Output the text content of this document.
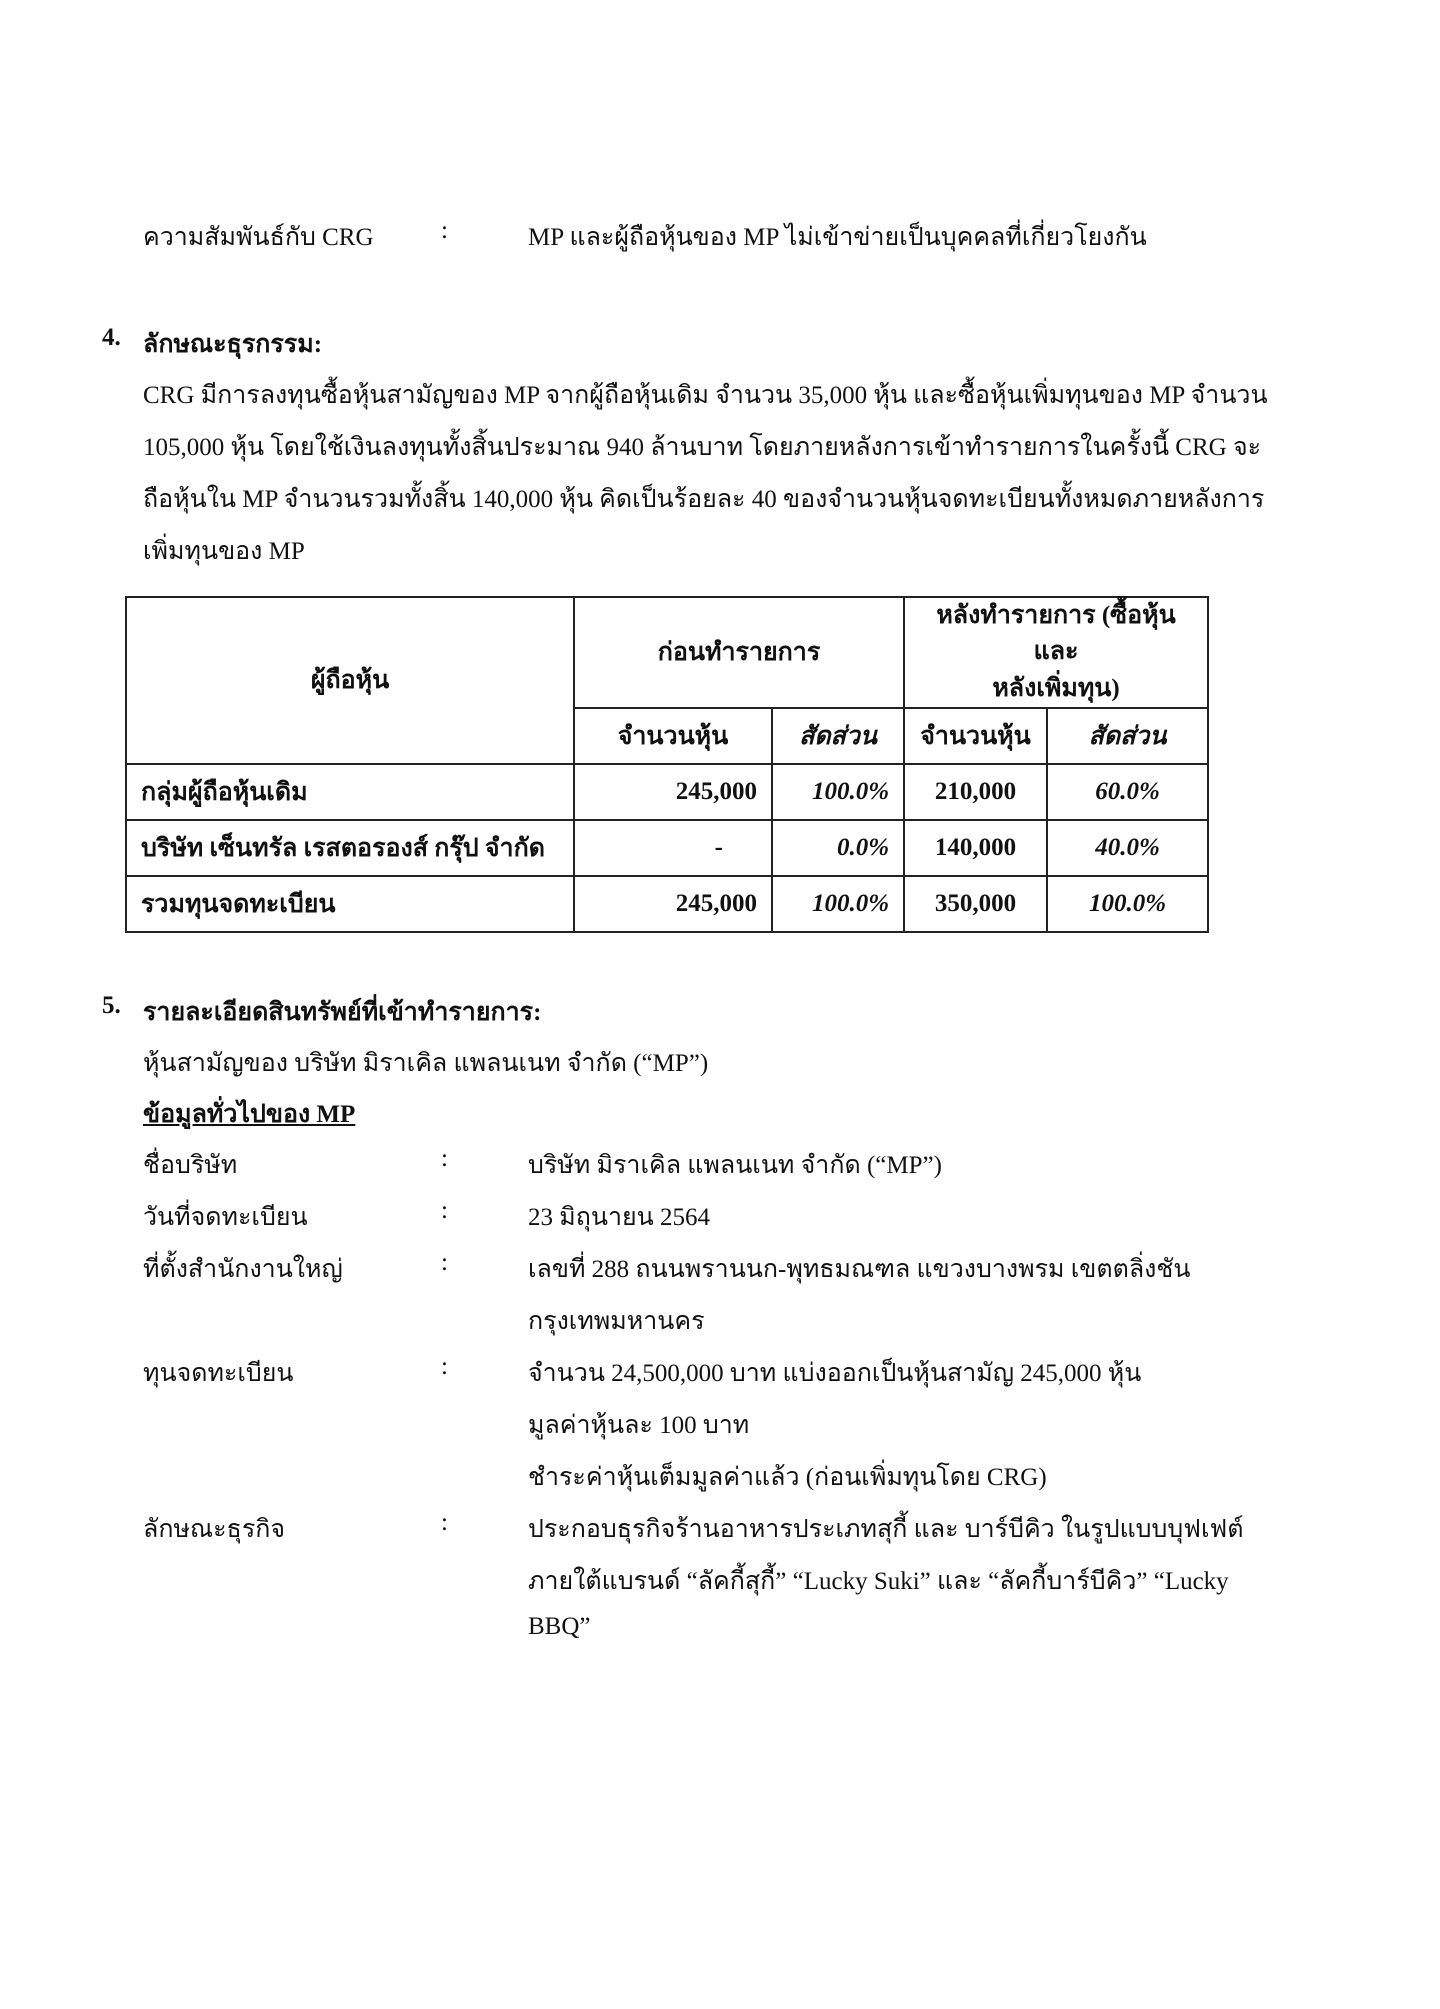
ความสัมพันธ์กับ CRG	:	MP และผู้ถือหุ้นของ MP ไม่เข้าข่ายเป็นบุคคลที่เกี่ยวโยงกัน
4. ลักษณะธุรกรรม:
CRG มีการลงทุนซื้อหุ้นสามัญของ MP จากผู้ถือหุ้นเดิม จำนวน 35,000 หุ้น และซื้อหุ้นเพิ่มทุนของ MP จำนวน
105,000 หุ้น โดยใช้เงินลงทุนทั้งสิ้นประมาณ 940 ล้านบาท โดยภายหลังการเข้าทำรายการในครั้งนี้ CRG จะ
ถือหุ้นใน MP จำนวนรวมทั้งสิ้น 140,000 หุ้น คิดเป็นร้อยละ 40 ของจำนวนหุ้นจดทะเบียนทั้งหมดภายหลังการ
เพิ่มทุนของ MP
ผู้ถือหุ้น	ก่อนทำรายการ		หลังทำรายการ (ซื้อหุ้น และ
หลังเพิ่มทุน)	
	จำนวนหุ้น	สัดส่วน	จำนวนหุ้น	สัดส่วน
กลุ่มผู้ถือหุ้นเดิม	245,000	100.0%	210,000	60.0%
บริษัท เซ็นทรัล เรสตอรองส์ กรุ๊ป จำกัด	-	0.0%	140,000	40.0%
รวมทุนจดทะเบียน	245,000	100.0%	350,000	100.0%
5. รายละเอียดสินทรัพย์ที่เข้าทำรายการ:
หุ้นสามัญของ บริษัท มิราเคิล แพลนเนท จำกัด (“MP”)
ข้อมูลทั่วไปของ MP
ชื่อบริษัท	:	บริษัท มิราเคิล แพลนเนท จำกัด (“MP”)
วันที่จดทะเบียน	:	23 มิถุนายน 2564
ที่ตั้งสำนักงานใหญ่	:	เลขที่ 288 ถนนพรานนก-พุทธมณฑล แขวงบางพรม เขตตลิ่งชัน
กรุงเทพมหานคร
ทุนจดทะเบียน	:	จำนวน 24,500,000 บาท แบ่งออกเป็นหุ้นสามัญ 245,000 หุ้น
มูลค่าหุ้นละ 100 บาท
ชำระค่าหุ้นเต็มมูลค่าแล้ว (ก่อนเพิ่มทุนโดย CRG)
ลักษณะธุรกิจ	:	ประกอบธุรกิจร้านอาหารประเภทสุกี้ และ บาร์บีคิว ในรูปแบบบุฟเฟต์
ภายใต้แบรนด์ “ลัคกี้สุกี้” “Lucky Suki” และ “ลัคกี้บาร์บีคิว” “Lucky
BBQ”
